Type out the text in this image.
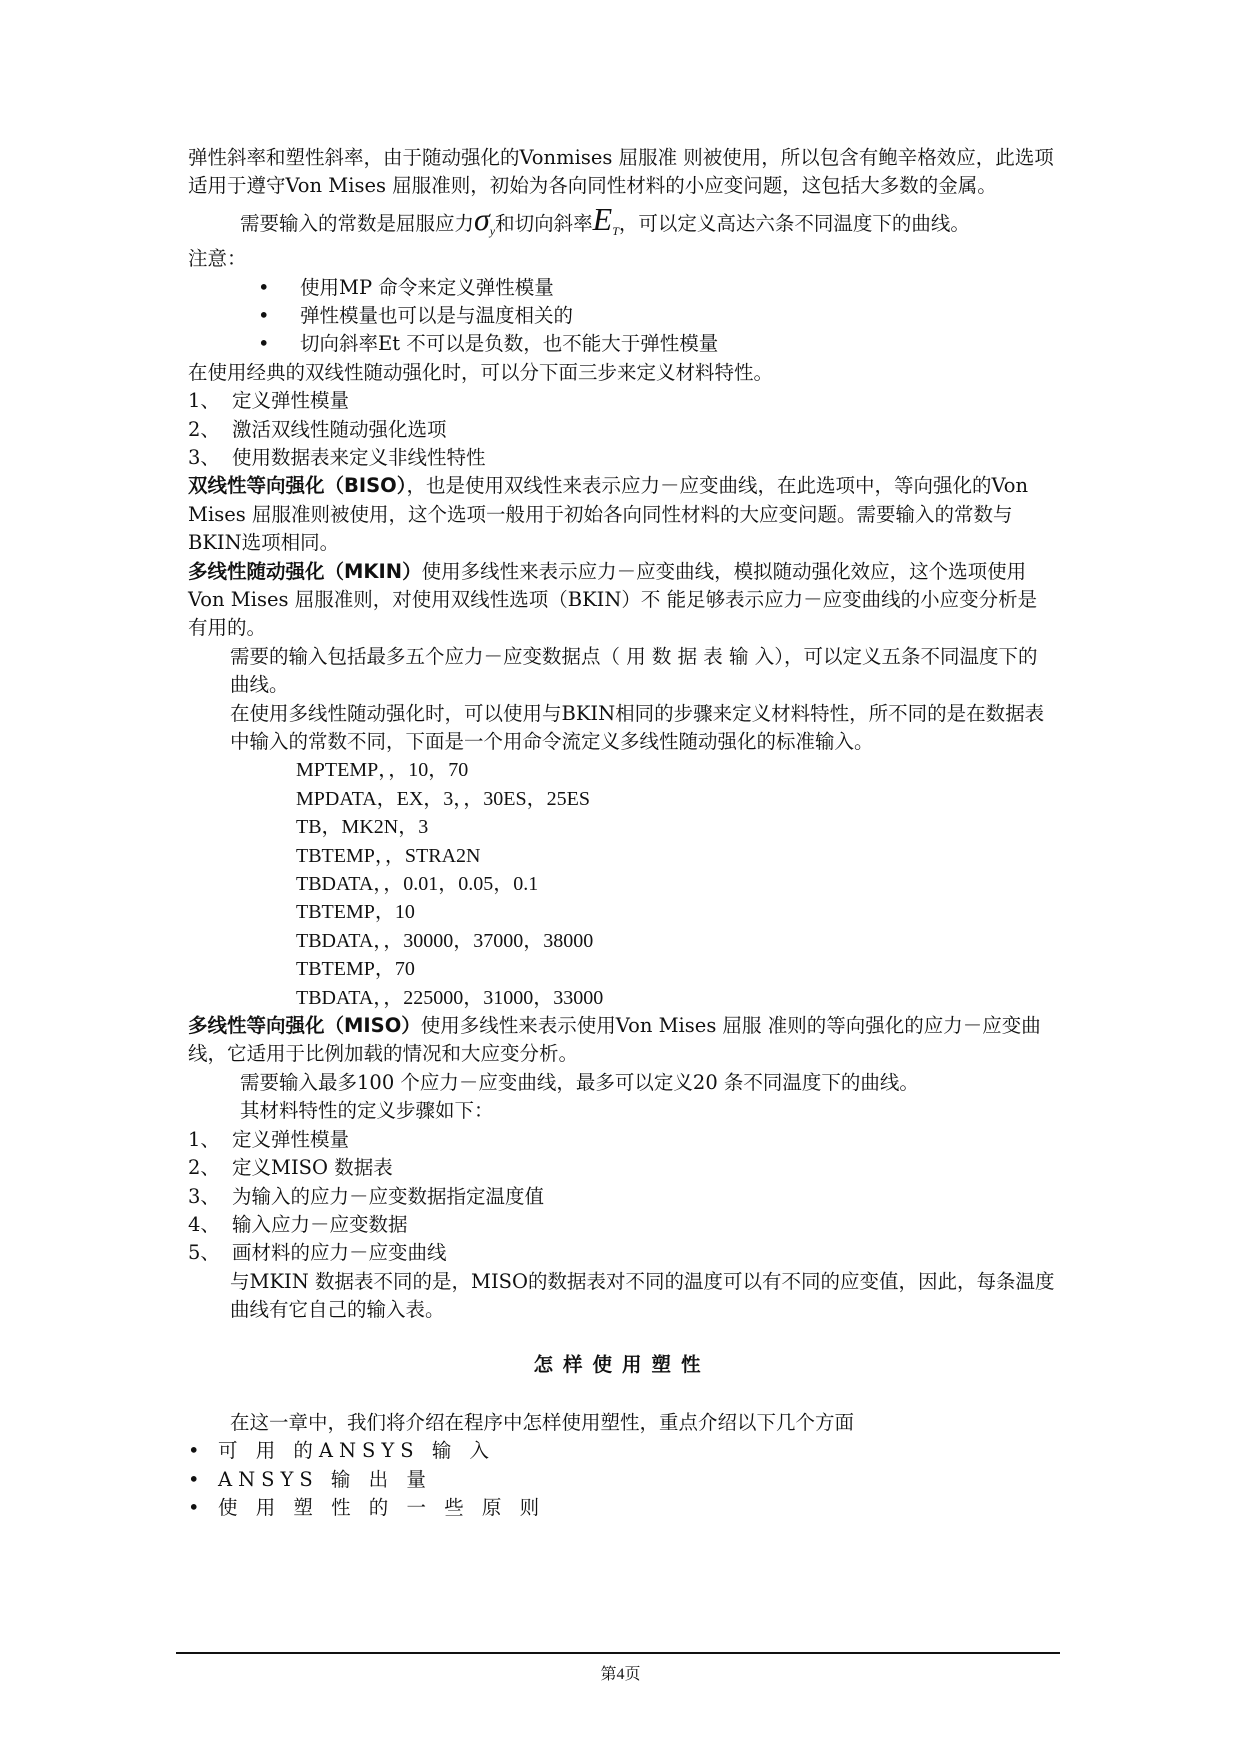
弹性斜率和塑性斜率，由于随动强化的Vonmises 屈服准 则被使用，所以包含有鲍辛格效应，此选项适用于遵守Von Mises 屈服准则，初始为各向同性材料的小应变问题，这包括大多数的金属。

需要输入的常数是屈服应力$\sigma_y$和切向斜率$E_T$，可以定义高达六条不同温度下的曲线。

注意：

• 使用MP 命令来定义弹性模量
• 弹性模量也可以是与温度相关的
• 切向斜率Et 不可以是负数，也不能大于弹性模量

在使用经典的双线性随动强化时，可以分下面三步来定义材料特性。

1、 定义弹性模量
2、 激活双线性随动强化选项
3、 使用数据表来定义非线性特性

双线性等向强化（BISO），也是使用双线性来表示应力－应变曲线，在此选项中，等向强化的Von Mises 屈服准则被使用，这个选项一般用于初始各向同性材料的大应变问题。需要输入的常数与BKIN选项相同。

多线性随动强化（MKIN）使用多线性来表示应力－应变曲线，模拟随动强化效应，这个选项使用Von Mises 屈服准则，对使用双线性选项（BKIN）不 能足够表示应力－应变曲线的小应变分析是有用的。

需要的输入包括最多五个应力－应变数据点（ 用 数 据 表 输 入），可以定义五条不同温度下的曲线。

在使用多线性随动强化时，可以使用与BKIN相同的步骤来定义材料特性，所不同的是在数据表中输入的常数不同，下面是一个用命令流定义多线性随动强化的标准输入。

MPTEMP，，10，70
MPDATA，EX，3，，30ES，25ES
TB，MK2N，3
TBTEMP，，STRA2N
TBDATA，，0.01，0.05，0.1
TBTEMP，10
TBDATA，，30000，37000，38000
TBTEMP，70
TBDATA，，225000，31000，33000

多线性等向强化（MISO）使用多线性来表示使用Von Mises 屈服 准则的等向强化的应力－应变曲线，它适用于比例加载的情况和大应变分析。

需要输入最多100 个应力－应变曲线，最多可以定义20 条不同温度下的曲线。

其材料特性的定义步骤如下：

1、 定义弹性模量
2、 定义MISO 数据表
3、 为输入的应力－应变数据指定温度值
4、 输入应力－应变数据
5、 画材料的应力－应变曲线

与MKIN 数据表不同的是，MISO的数据表对不同的温度可以有不同的应变值，因此，每条温度曲线有它自己的输入表。

怎样使用塑性

在这一章中，我们将介绍在程序中怎样使用塑性，重点介绍以下几个方面

• 可 用 的ANSYS 输 入
• ANSYS 输 出 量
• 使 用 塑 性 的 一 些 原 则
第4页
